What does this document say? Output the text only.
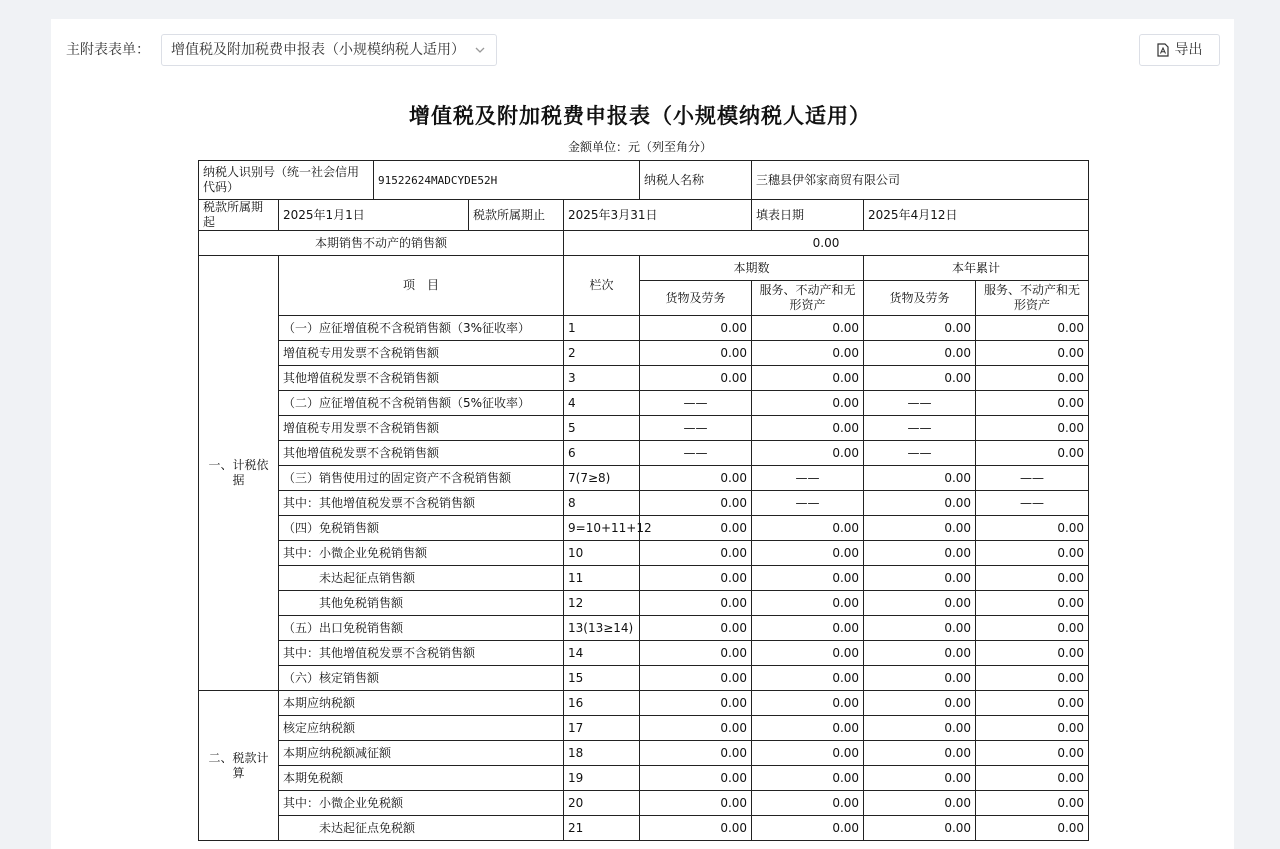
主附表表单：	增值税及附加税费申报表（小规模纳税人适用）	导出
增值税及附加税费申报表（小规模纳税人适用）
金额单位：元（列至角分）
纳税人识别号（统一社会信用代码）		91522624MADCYDE52H			纳税人名称	三穗县伊邻家商贸有限公司		
税款所属期起	2025年1月1日		税款所属期止	2025年3月31日		填表日期	2025年4月12日	
本期销售不动产的销售额				0.00				
一、计税依据	项　目			栏次	本期数		本年累计	
					货物及劳务	服务、不动产和无形资产	货物及劳务	服务、不动产和无形资产
	（一）应征增值税不含税销售额（3%征收率）			1	0.00	0.00	0.00	0.00
	增值税专用发票不含税销售额			2	0.00	0.00	0.00	0.00
	其他增值税发票不含税销售额			3	0.00	0.00	0.00	0.00
	（二）应征增值税不含税销售额（5%征收率）			4	——	0.00	——	0.00
	增值税专用发票不含税销售额			5	——	0.00	——	0.00
	其他增值税发票不含税销售额			6	——	0.00	——	0.00
	（三）销售使用过的固定资产不含税销售额			7(7≥8)	0.00	——	0.00	——
	其中：其他增值税发票不含税销售额			8	0.00	——	0.00	——
	（四）免税销售额			9=10+11+12	0.00	0.00	0.00	0.00
	其中：小微企业免税销售额			10	0.00	0.00	0.00	0.00
	未达起征点销售额			11	0.00	0.00	0.00	0.00
	其他免税销售额			12	0.00	0.00	0.00	0.00
	（五）出口免税销售额			13(13≥14)	0.00	0.00	0.00	0.00
	其中：其他增值税发票不含税销售额			14	0.00	0.00	0.00	0.00
	（六）核定销售额			15	0.00	0.00	0.00	0.00
二、税款计算	本期应纳税额			16	0.00	0.00	0.00	0.00
	核定应纳税额			17	0.00	0.00	0.00	0.00
	本期应纳税额减征额			18	0.00	0.00	0.00	0.00
	本期免税额			19	0.00	0.00	0.00	0.00
	其中：小微企业免税额			20	0.00	0.00	0.00	0.00
	未达起征点免税额			21	0.00	0.00	0.00	0.00
